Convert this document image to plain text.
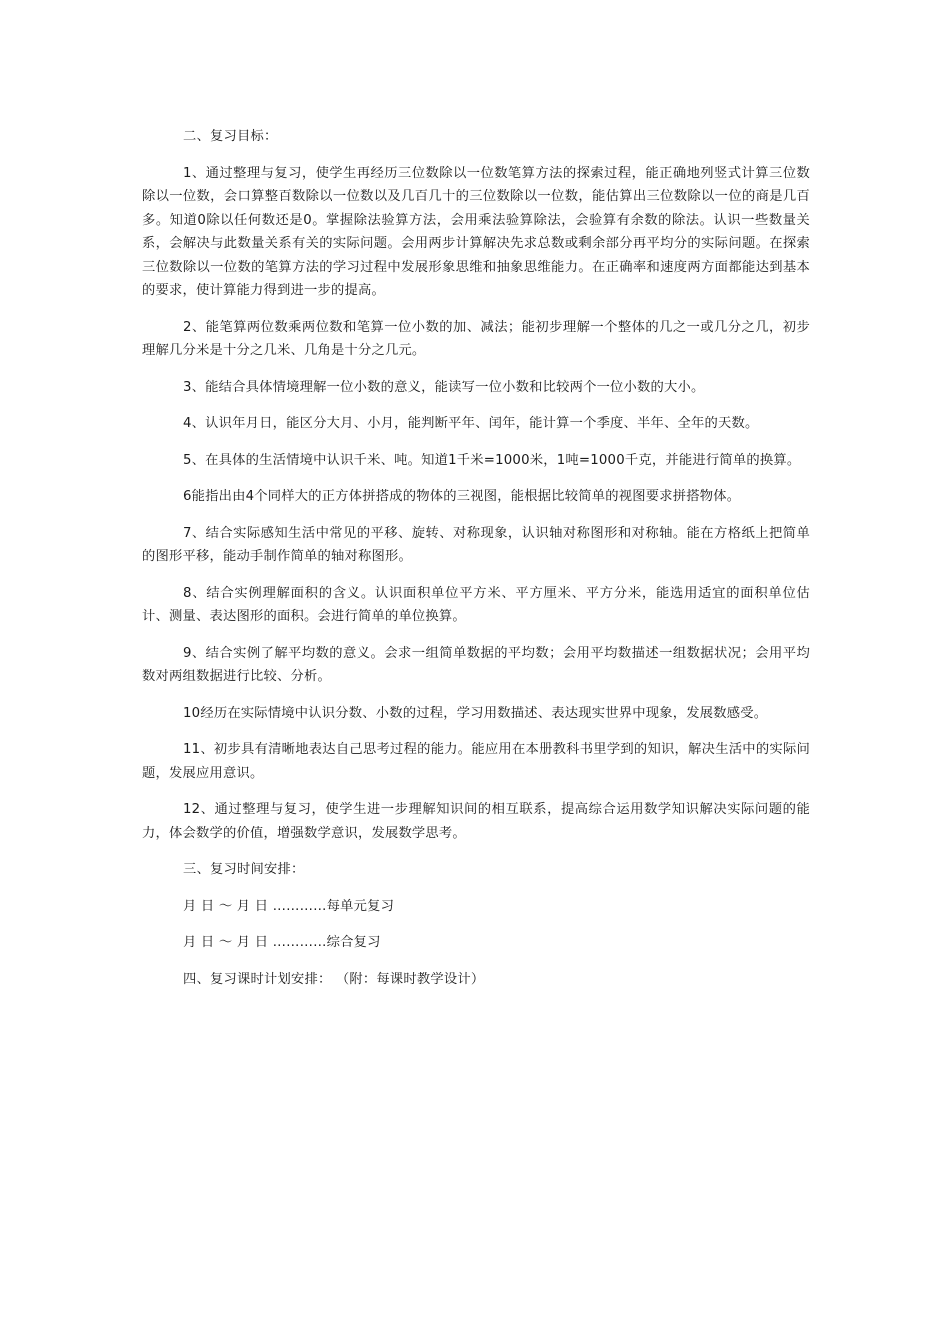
二、复习目标：

1、通过整理与复习，使学生再经历三位数除以一位数笔算方法的探索过程，能正确地列竖式计算三位数除以一位数，会口算整百数除以一位数以及几百几十的三位数除以一位数，能估算出三位数除以一位的商是几百多。知道0除以任何数还是0。掌握除法验算方法，会用乘法验算除法，会验算有余数的除法。认识一些数量关系，会解决与此数量关系有关的实际问题。会用两步计算解决先求总数或剩余部分再平均分的实际问题。在探索三位数除以一位数的笔算方法的学习过程中发展形象思维和抽象思维能力。在正确率和速度两方面都能达到基本的要求，使计算能力得到进一步的提高。

2、能笔算两位数乘两位数和笔算一位小数的加、减法；能初步理解一个整体的几之一或几分之几，初步理解几分米是十分之几米、几角是十分之几元。

3、能结合具体情境理解一位小数的意义，能读写一位小数和比较两个一位小数的大小。

4、认识年月日，能区分大月、小月，能判断平年、闰年，能计算一个季度、半年、全年的天数。

5、在具体的生活情境中认识千米、吨。知道1千米=1000米，1吨=1000千克，并能进行简单的换算。

6能指出由4个同样大的正方体拼搭成的物体的三视图，能根据比较简单的视图要求拼搭物体。

7、结合实际感知生活中常见的平移、旋转、对称现象，认识轴对称图形和对称轴。能在方格纸上把简单的图形平移，能动手制作简单的轴对称图形。

8、结合实例理解面积的含义。认识面积单位平方米、平方厘米、平方分米，能选用适宜的面积单位估计、测量、表达图形的面积。会进行简单的单位换算。

9、结合实例了解平均数的意义。会求一组简单数据的平均数；会用平均数描述一组数据状况；会用平均数对两组数据进行比较、分析。

10经历在实际情境中认识分数、小数的过程，学习用数描述、表达现实世界中现象，发展数感受。

11、初步具有清晰地表达自己思考过程的能力。能应用在本册教科书里学到的知识，解决生活中的实际问题，发展应用意识。

12、通过整理与复习，使学生进一步理解知识间的相互联系，提高综合运用数学知识解决实际问题的能力，体会数学的价值，增强数学意识，发展数学思考。

三、复习时间安排：

月 日 ～ 月 日 …………每单元复习

月 日 ～ 月 日 …………综合复习

四、复习课时计划安排： （附：每课时教学设计）
